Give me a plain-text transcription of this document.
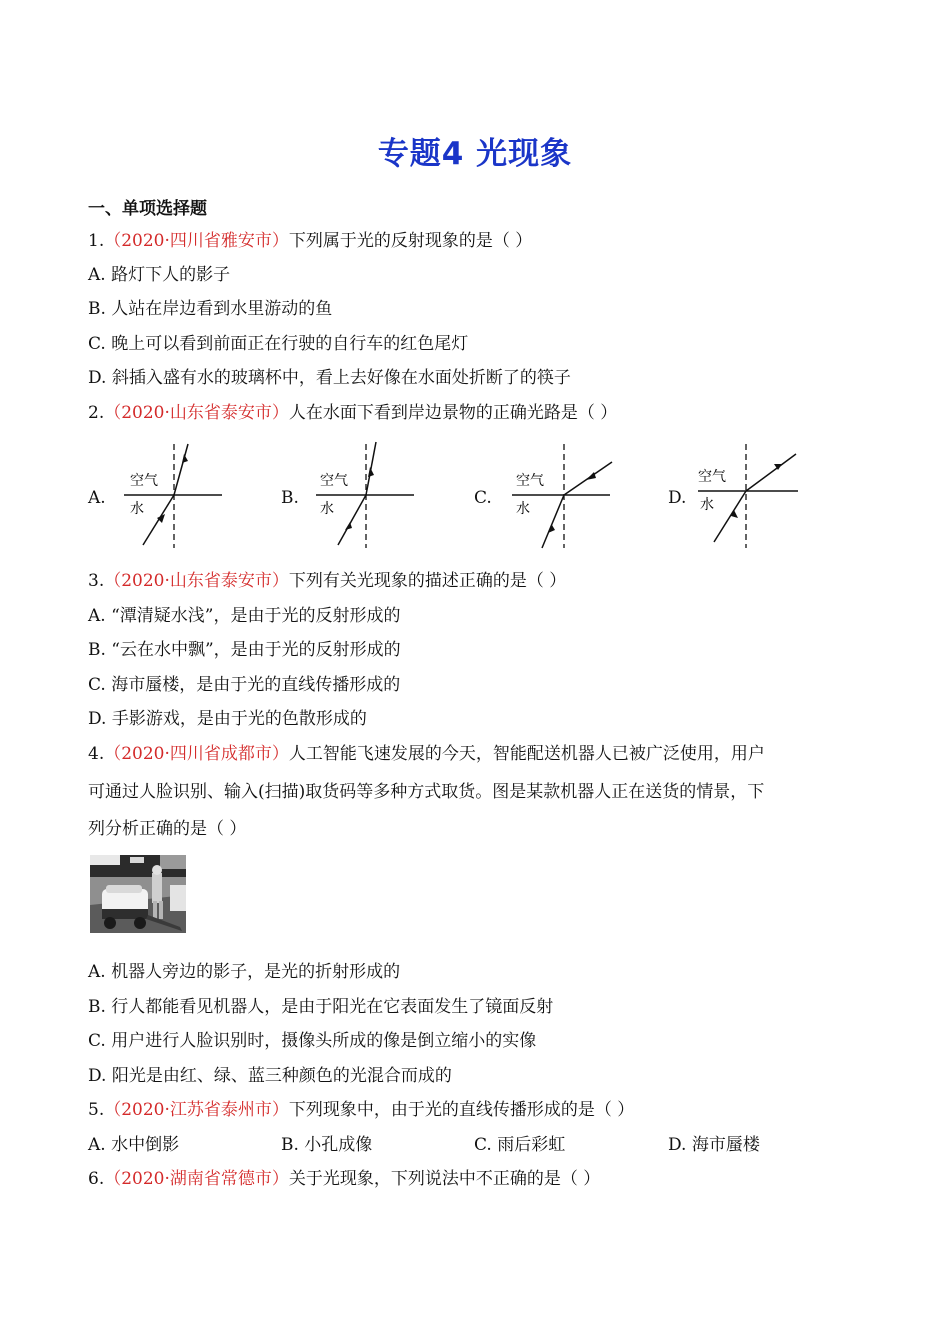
专题4 光现象
一、单项选择题
1.（2020·四川省雅安市）下列属于光的反射现象的是（ ）
A. 路灯下人的影子
B. 人站在岸边看到水里游动的鱼
C. 晚上可以看到前面正在行驶的自行车的红色尾灯
D. 斜插入盛有水的玻璃杯中，看上去好像在水面处折断了的筷子
2.（2020·山东省泰安市）人在水面下看到岸边景物的正确光路是（ ）
A.
空气
水
B.
空气
水
C.
空气
水
D.
空气
水
3.（2020·山东省泰安市）下列有关光现象的描述正确的是（ ）
A. “潭清疑水浅”，是由于光的反射形成的
B. “云在水中飘”，是由于光的反射形成的
C. 海市蜃楼，是由于光的直线传播形成的
D. 手影游戏，是由于光的色散形成的
4.（2020·四川省成都市）人工智能飞速发展的今天，智能配送机器人已被广泛使用，用户
可通过人脸识别、输入(扫描)取货码等多种方式取货。图是某款机器人正在送货的情景，下
列分析正确的是（ ）
A. 机器人旁边的影子，是光的折射形成的
B. 行人都能看见机器人，是由于阳光在它表面发生了镜面反射
C. 用户进行人脸识别时，摄像头所成的像是倒立缩小的实像
D. 阳光是由红、绿、蓝三种颜色的光混合而成的
5.（2020·江苏省泰州市）下列现象中，由于光的直线传播形成的是（ ）
A. 水中倒影	B. 小孔成像	C. 雨后彩虹	D. 海市蜃楼
6.（2020·湖南省常德市）关于光现象，下列说法中不正确的是（ ）
